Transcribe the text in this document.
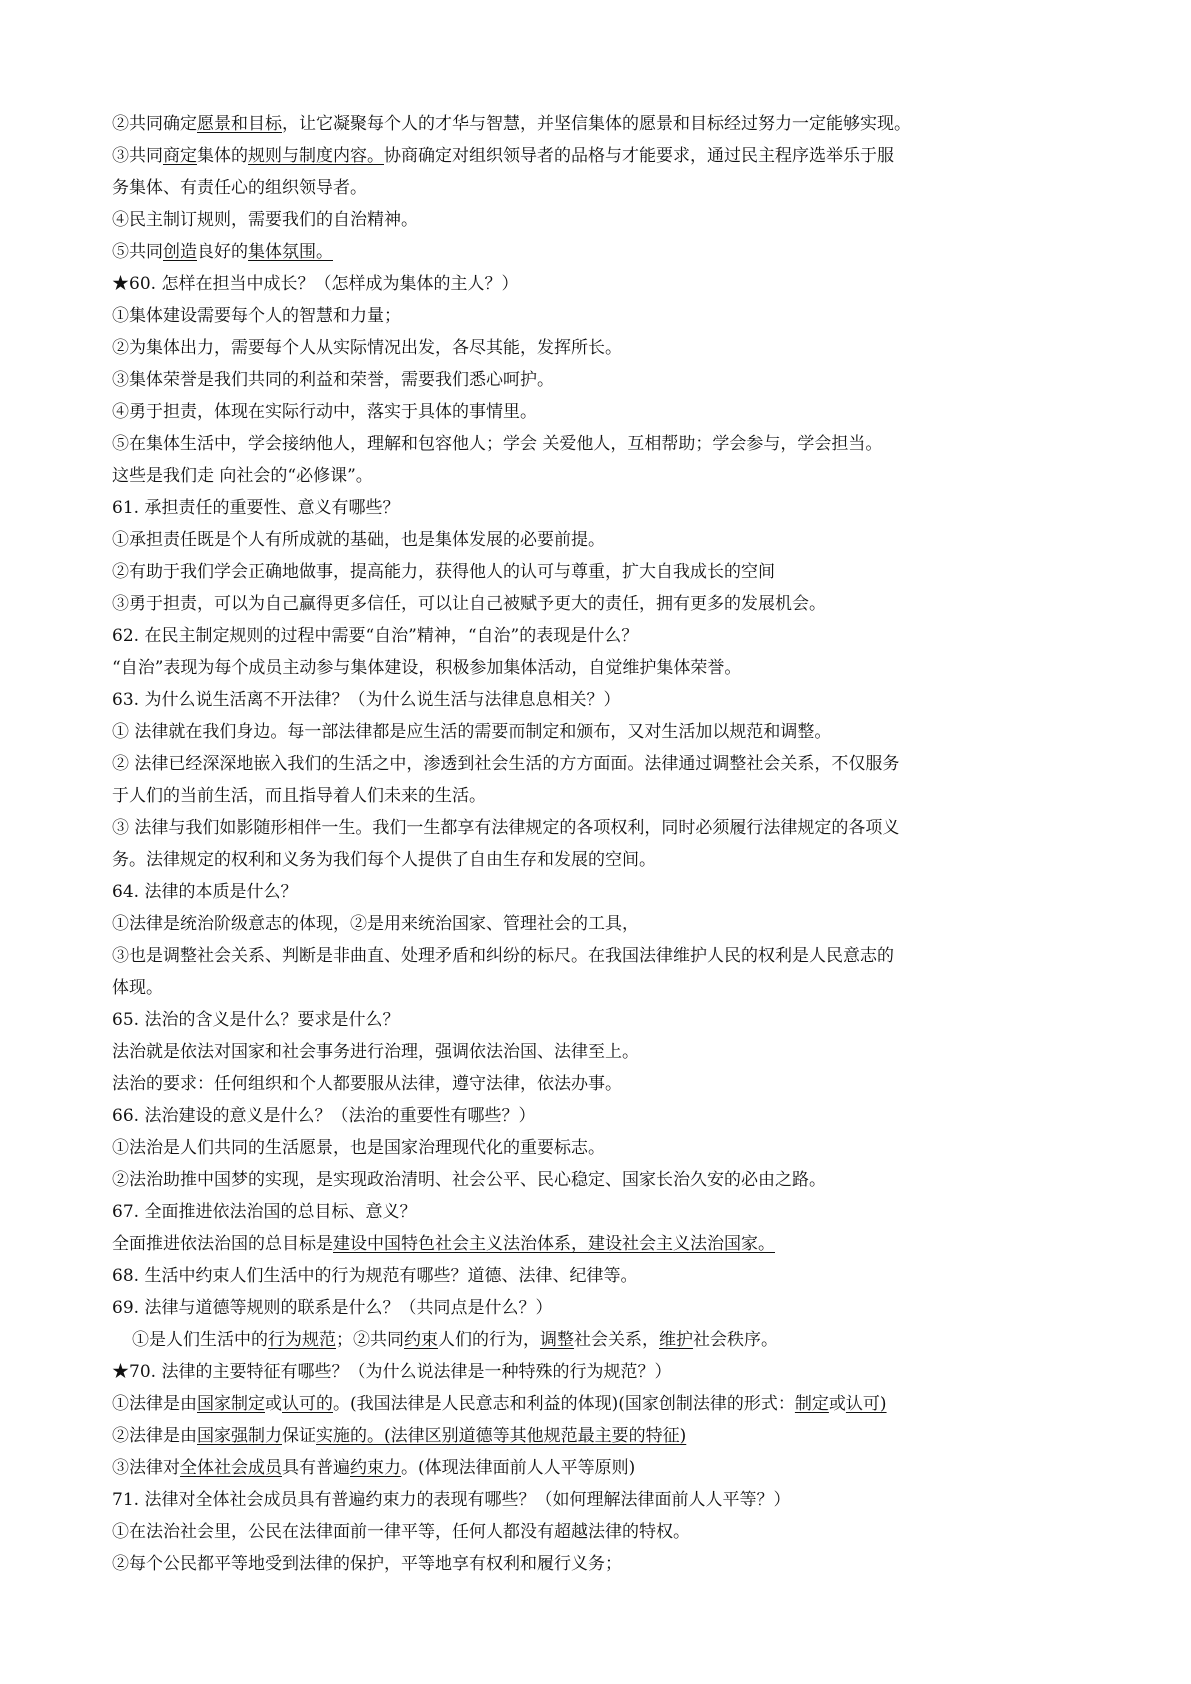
②共同确定愿景和目标，让它凝聚每个人的才华与智慧，并坚信集体的愿景和目标经过努力一定能够实现。
③共同商定集体的规则与制度内容。协商确定对组织领导者的品格与才能要求，通过民主程序选举乐于服
务集体、有责任心的组织领导者。
④民主制订规则，需要我们的自治精神。
⑤共同创造良好的集体氛围。
★60. 怎样在担当中成长？（怎样成为集体的主人？）
①集体建设需要每个人的智慧和力量；
②为集体出力，需要每个人从实际情况出发，各尽其能，发挥所长。
③集体荣誉是我们共同的利益和荣誉，需要我们悉心呵护。
④勇于担责，体现在实际行动中，落实于具体的事情里。
⑤在集体生活中，学会接纳他人，理解和包容他人；学会 关爱他人，互相帮助；学会参与，学会担当。
这些是我们走 向社会的“必修课”。
61. 承担责任的重要性、意义有哪些？
①承担责任既是个人有所成就的基础，也是集体发展的必要前提。
②有助于我们学会正确地做事，提高能力，获得他人的认可与尊重，扩大自我成长的空间
③勇于担责，可以为自己赢得更多信任，可以让自己被赋予更大的责任，拥有更多的发展机会。
62. 在民主制定规则的过程中需要“自治”精神，“自治”的表现是什么？
“自治”表现为每个成员主动参与集体建设，积极参加集体活动，自觉维护集体荣誉。
63. 为什么说生活离不开法律？（为什么说生活与法律息息相关？）
① 法律就在我们身边。每一部法律都是应生活的需要而制定和颁布，又对生活加以规范和调整。
② 法律已经深深地嵌入我们的生活之中，渗透到社会生活的方方面面。法律通过调整社会关系，不仅服务
于人们的当前生活，而且指导着人们未来的生活。
③ 法律与我们如影随形相伴一生。我们一生都享有法律规定的各项权利，同时必须履行法律规定的各项义
务。法律规定的权利和义务为我们每个人提供了自由生存和发展的空间。
64. 法律的本质是什么？
①法律是统治阶级意志的体现，②是用来统治国家、管理社会的工具，
③也是调整社会关系、判断是非曲直、处理矛盾和纠纷的标尺。在我国法律维护人民的权利是人民意志的
体现。
65. 法治的含义是什么？要求是什么？
法治就是依法对国家和社会事务进行治理，强调依法治国、法律至上。
法治的要求：任何组织和个人都要服从法律，遵守法律，依法办事。
66. 法治建设的意义是什么？（法治的重要性有哪些？）
①法治是人们共同的生活愿景，也是国家治理现代化的重要标志。
②法治助推中国梦的实现，是实现政治清明、社会公平、民心稳定、国家长治久安的必由之路。
67. 全面推进依法治国的总目标、意义？
全面推进依法治国的总目标是建设中国特色社会主义法治体系，建设社会主义法治国家。
68. 生活中约束人们生活中的行为规范有哪些？道德、法律、纪律等。
69. 法律与道德等规则的联系是什么？（共同点是什么？）
①是人们生活中的行为规范；②共同约束人们的行为，调整社会关系，维护社会秩序。
★70. 法律的主要特征有哪些？（为什么说法律是一种特殊的行为规范？）
①法律是由国家制定或认可的。(我国法律是人民意志和利益的体现)(国家创制法律的形式：制定或认可)
②法律是由国家强制力保证实施的。(法律区别道德等其他规范最主要的特征)
③法律对全体社会成员具有普遍约束力。(体现法律面前人人平等原则)
71. 法律对全体社会成员具有普遍约束力的表现有哪些？（如何理解法律面前人人平等？）
①在法治社会里，公民在法律面前一律平等，任何人都没有超越法律的特权。
②每个公民都平等地受到法律的保护，平等地享有权利和履行义务；
